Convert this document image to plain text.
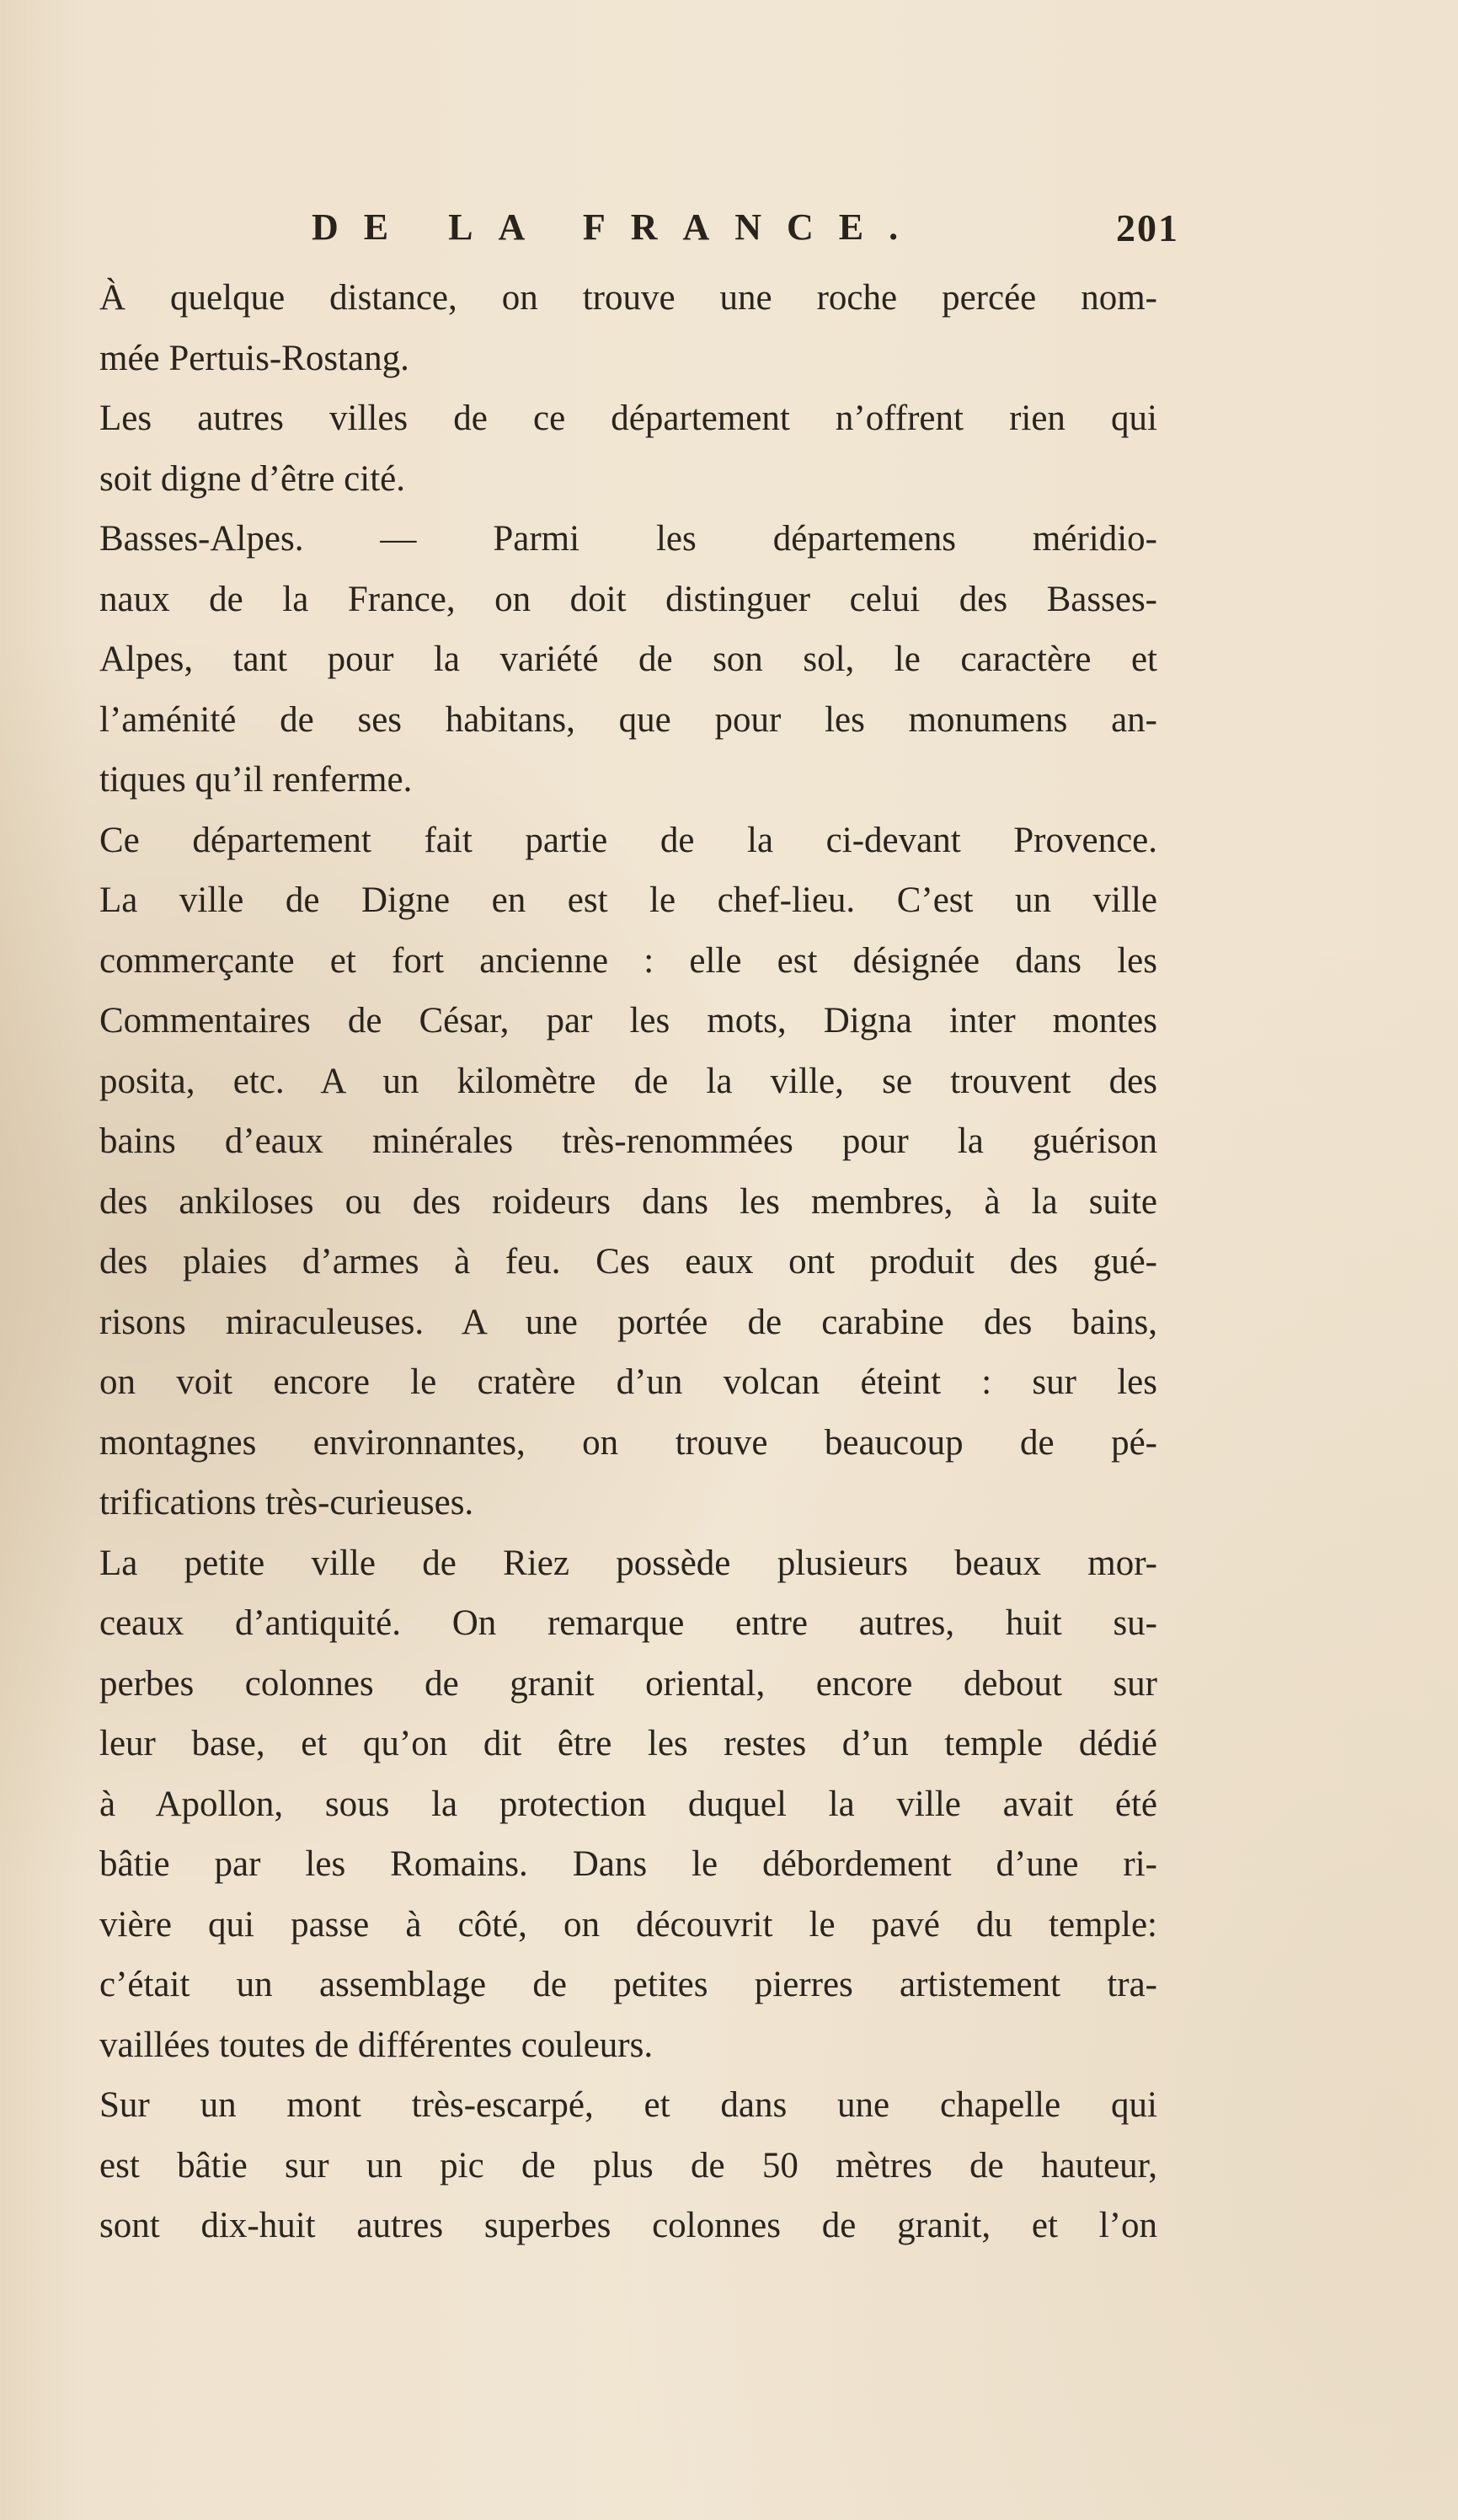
DE LA FRANCE.	201
À quelque distance, on trouve une roche percée nom-
mée Pertuis-Rostang.
Les autres villes de ce département n’offrent rien qui
soit digne d’être cité.
Basses-Alpes. — Parmi les départemens méridio-
naux de la France, on doit distinguer celui des Basses-
Alpes, tant pour la variété de son sol, le caractère et
l’aménité de ses habitans, que pour les monumens an-
tiques qu’il renferme.
Ce département fait partie de la ci-devant Provence.
La ville de Digne en est le chef-lieu. C’est un ville
commerçante et fort ancienne : elle est désignée dans les
Commentaires de César, par les mots, Digna inter montes
posita, etc. A un kilomètre de la ville, se trouvent des
bains d’eaux minérales très-renommées pour la guérison
des ankiloses ou des roideurs dans les membres, à la suite
des plaies d’armes à feu. Ces eaux ont produit des gué-
risons miraculeuses. A une portée de carabine des bains,
on voit encore le cratère d’un volcan éteint : sur les
montagnes environnantes, on trouve beaucoup de pé-
trifications très-curieuses.
La petite ville de Riez possède plusieurs beaux mor-
ceaux d’antiquité. On remarque entre autres, huit su-
perbes colonnes de granit oriental, encore debout sur
leur base, et qu’on dit être les restes d’un temple dédié
à Apollon, sous la protection duquel la ville avait été
bâtie par les Romains. Dans le débordement d’une ri-
vière qui passe à côté, on découvrit le pavé du temple:
c’était un assemblage de petites pierres artistement tra-
vaillées toutes de différentes couleurs.
Sur un mont très-escarpé, et dans une chapelle qui
est bâtie sur un pic de plus de 50 mètres de hauteur,
sont dix-huit autres superbes colonnes de granit, et l’on
